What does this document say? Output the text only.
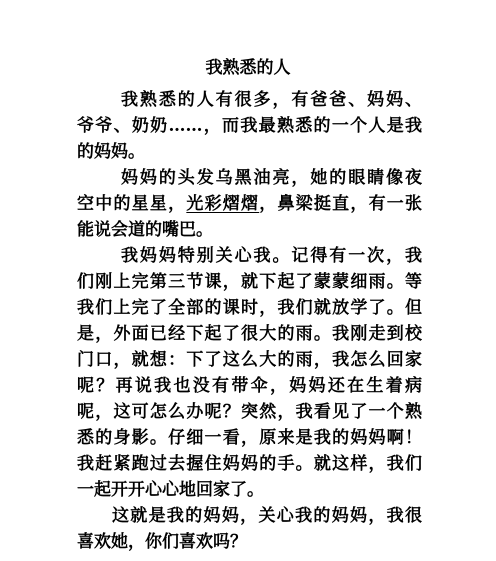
我熟悉的人
我熟悉的人有很多，有爸爸、妈妈、
爷爷、奶奶……，而我最熟悉的一个人是我
的妈妈。
妈妈的头发乌黑油亮，她的眼睛像夜
空中的星星，光彩熠熠，鼻梁挺直，有一张
能说会道的嘴巴。
我妈妈特别关心我。记得有一次，我
们刚上完第三节课，就下起了蒙蒙细雨。等
我们上完了全部的课时，我们就放学了。但
是，外面已经下起了很大的雨。我刚走到校
门口，就想：下了这么大的雨，我怎么回家
呢？再说我也没有带伞，妈妈还在生着病
呢，这可怎么办呢？突然，我看见了一个熟
悉的身影。仔细一看，原来是我的妈妈啊！
我赶紧跑过去握住妈妈的手。就这样，我们
一起开开心心地回家了。
这就是我的妈妈，关心我的妈妈，我很
喜欢她，你们喜欢吗？
